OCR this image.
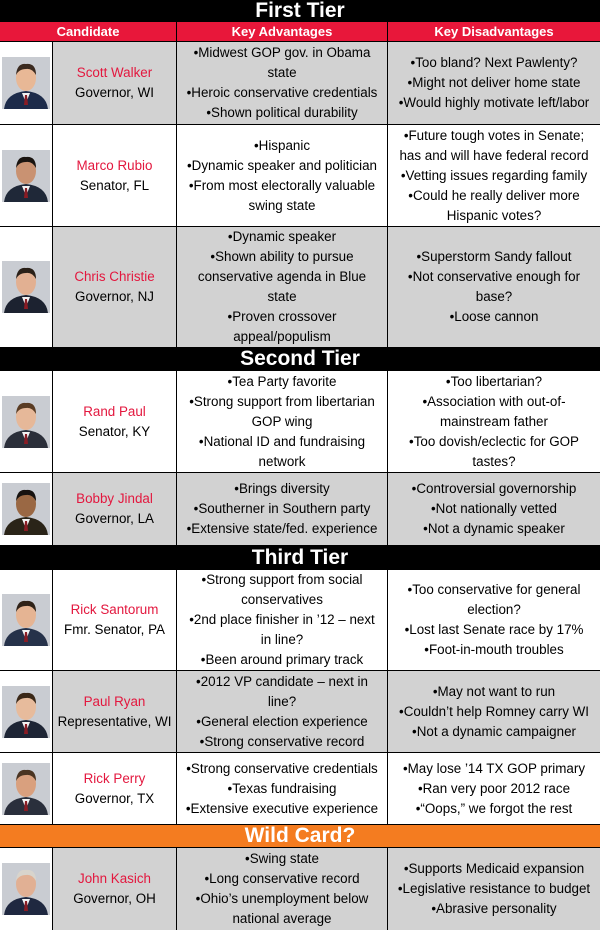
First Tier
Candidate	Key Advantages	Key Disadvantages
Scott Walker
Governor, WI
•Midwest GOP gov. in Obama
state
•Heroic conservative credentials
•Shown political durability
•Too bland? Next Pawlenty?
•Might not deliver home state
•Would highly motivate left/labor
Marco Rubio
Senator, FL
•Hispanic
•Dynamic speaker and politician
•From most electorally valuable
swing state
•Future tough votes in Senate;
has and will have federal record
•Vetting issues regarding family
•Could he really deliver more
Hispanic votes?
Chris Christie
Governor, NJ
•Dynamic speaker
•Shown ability to pursue
conservative agenda in Blue
state
•Proven crossover
appeal/populism
•Superstorm Sandy fallout
•Not conservative enough for
base?
•Loose cannon
Rand Paul
Senator, KY
•Tea Party favorite
•Strong support from libertarian
GOP wing
•National ID and fundraising
network
•Too libertarian?
•Association with out-of-
mainstream father
•Too dovish/eclectic for GOP
tastes?
Bobby Jindal
Governor, LA
•Brings diversity
•Southerner in Southern party
•Extensive state/fed. experience
•Controversial governorship
•Not nationally vetted
•Not a dynamic speaker
Rick Santorum
Fmr. Senator, PA
•Strong support from social
conservatives
•2nd place finisher in ’12 – next
in line?
•Been around primary track
•Too conservative for general
election?
•Lost last Senate race by 17%
•Foot-in-mouth troubles
Paul Ryan
Representative, WI
•2012 VP candidate – next in
line?
•General election experience
•Strong conservative record
•May not want to run
•Couldn’t help Romney carry WI
•Not a dynamic campaigner
Rick Perry
Governor, TX
•Strong conservative credentials
•Texas fundraising
•Extensive executive experience
•May lose ’14 TX GOP primary
•Ran very poor 2012 race
•“Oops,” we forgot the rest
John Kasich
Governor, OH
•Swing state
•Long conservative record
•Ohio’s unemployment below
national average
•Supports Medicaid expansion
•Legislative resistance to budget
•Abrasive personality
Second Tier
Third Tier
Wild Card?
